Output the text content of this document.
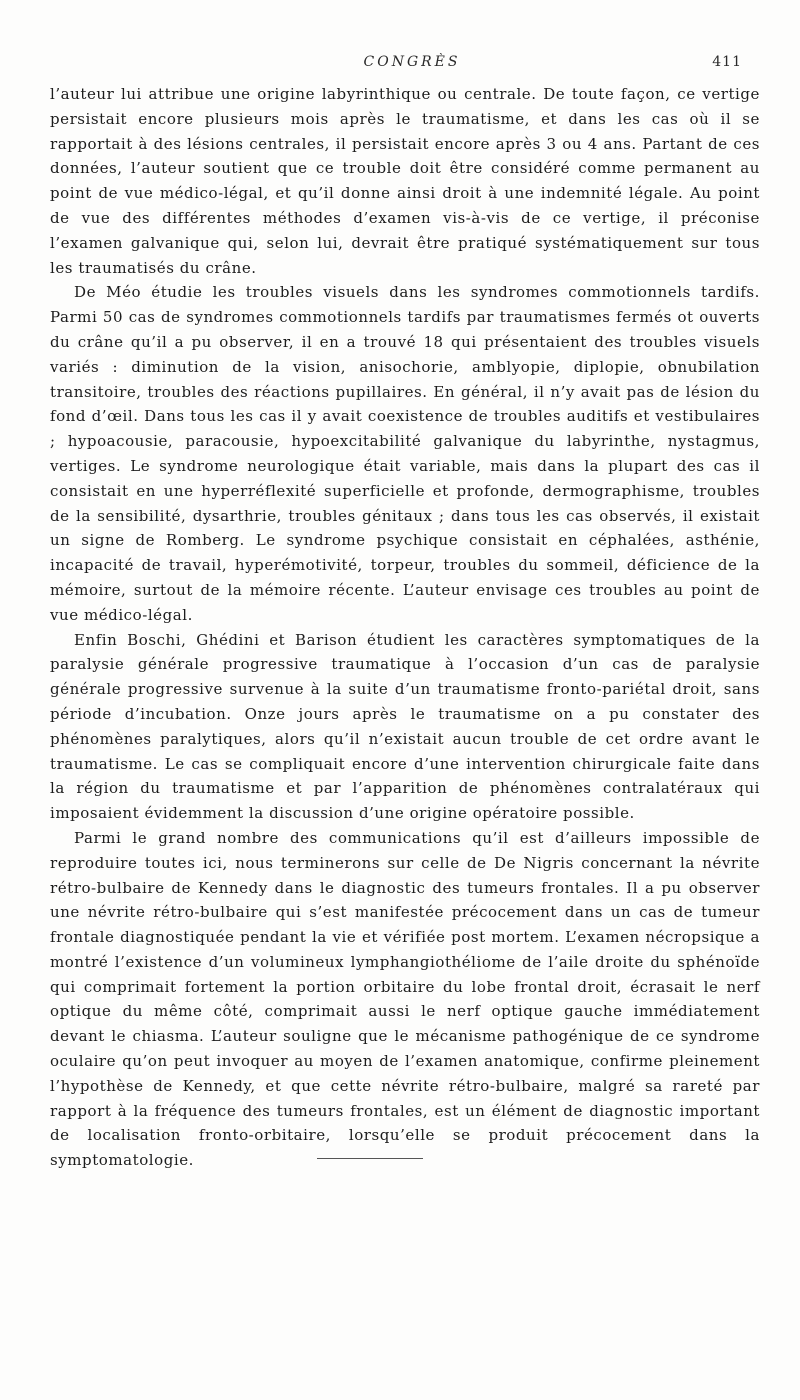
CONGRÈS	411

l’auteur lui attribue une origine labyrinthique ou centrale. De toute façon, ce vertige persistait encore plusieurs mois après le traumatisme, et dans les cas où il se rapportait à des lésions centrales, il persistait encore après 3 ou 4 ans. Partant de ces données, l’auteur soutient que ce trouble doit être considéré comme permanent au point de vue médico-légal, et qu’il donne ainsi droit à une indemnité légale. Au point de vue des différentes méthodes d’examen vis-à-vis de ce vertige, il préconise l’examen galvanique qui, selon lui, devrait être pratiqué systématiquement sur tous les traumatisés du crâne.

De Méo étudie les troubles visuels dans les syndromes commotionnels tardifs. Parmi 50 cas de syndromes commotionnels tardifs par traumatismes fermés ot ouverts du crâne qu’il a pu observer, il en a trouvé 18 qui présentaient des troubles visuels variés : diminution de la vision, anisochorie, amblyopie, diplopie, obnubilation transitoire, troubles des réactions pupillaires. En général, il n’y avait pas de lésion du fond d’œil. Dans tous les cas il y avait coexistence de troubles auditifs et vestibulaires ; hypoacousie, paracousie, hypoexcitabilité galvanique du labyrinthe, nystagmus, vertiges. Le syndrome neurologique était variable, mais dans la plupart des cas il consistait en une hyperréflexité superficielle et profonde, dermographisme, troubles de la sensibilité, dysarthrie, troubles génitaux ; dans tous les cas observés, il existait un signe de Romberg. Le syndrome psychique consistait en céphalées, asthénie, incapacité de travail, hyperémotivité, torpeur, troubles du sommeil, déficience de la mémoire, surtout de la mémoire récente. L’auteur envisage ces troubles au point de vue médico-légal.

Enfin Boschi, Ghédini et Barison étudient les caractères symptomatiques de la paralysie générale progressive traumatique à l’occasion d’un cas de paralysie générale progressive survenue à la suite d’un traumatisme fronto-pariétal droit, sans période d’incubation. Onze jours après le traumatisme on a pu constater des phénomènes paralytiques, alors qu’il n’existait aucun trouble de cet ordre avant le traumatisme. Le cas se compliquait encore d’une intervention chirurgicale faite dans la région du traumatisme et par l’apparition de phénomènes contralatéraux qui imposaient évidemment la discussion d’une origine opératoire possible.

Parmi le grand nombre des communications qu’il est d’ailleurs impossible de reproduire toutes ici, nous terminerons sur celle de De Nigris concernant la névrite rétro-bulbaire de Kennedy dans le diagnostic des tumeurs frontales. Il a pu observer une névrite rétro-bulbaire qui s’est manifestée précocement dans un cas de tumeur frontale diagnostiquée pendant la vie et vérifiée post mortem. L’examen nécropsique a montré l’existence d’un volumineux lymphangiothéliome de l’aile droite du sphénoïde qui comprimait fortement la portion orbitaire du lobe frontal droit, écrasait le nerf optique du même côté, comprimait aussi le nerf optique gauche immédiatement devant le chiasma. L’auteur souligne que le mécanisme pathogénique de ce syndrome oculaire qu’on peut invoquer au moyen de l’examen anatomique, confirme pleinement l’hypothèse de Kennedy, et que cette névrite rétro-bulbaire, malgré sa rareté par rapport à la fréquence des tumeurs frontales, est un élément de diagnostic important de localisation fronto-orbitaire, lorsqu’elle se produit précocement dans la symptomatologie.
